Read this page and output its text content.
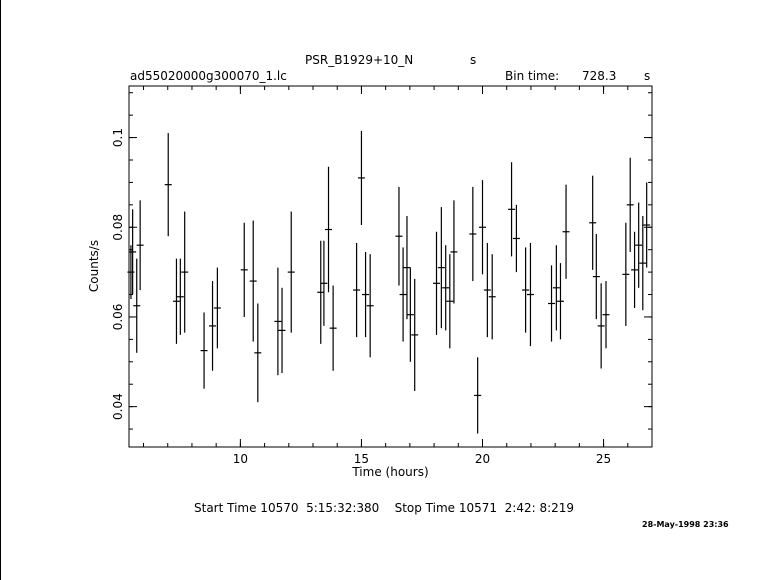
PSR_B1929+10_N	s
ad55020000g300070_1.lc	Bin time: 728.3 s
10	15	20	25
0.04
0.06
0.08
0.1
Time (hours)
Counts/s
Start Time 10570  5:15:32:380    Stop Time 10571  2:42: 8:219
28-May-1998 23:36
